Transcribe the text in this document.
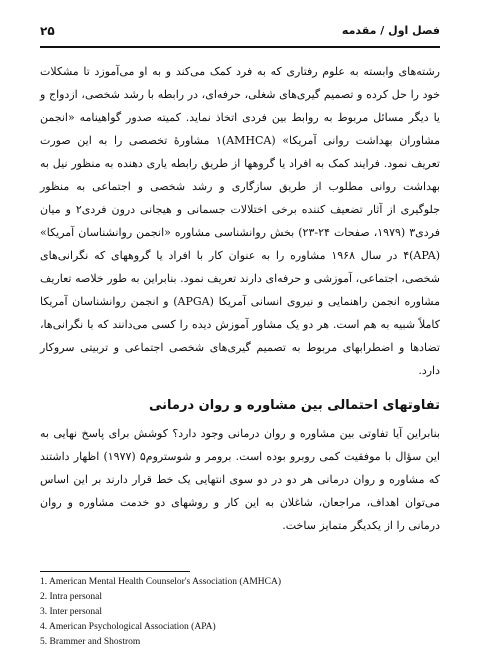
فصل اول / مقدمه
۲۵

رشته‌های وابسته به علوم رفتاری که به فرد کمک می‌کند و به او می‌آموزد تا مشکلات خود را حل کرده و تصمیم گیری‌های شغلی، حرفه‌ای، در رابطه با رشد شخصی، ازدواج و یا دیگر مسائل مربوط به روابط بین فردی اتخاذ نماید. کمیته صدور گواهینامه «انجمن مشاوران بهداشت روانی آمریکا» (AMHCA)۱ مشاورهٔ تخصصی را به این صورت تعریف نمود. فرایند کمک به افراد یا گروهها از طریق رابطه یاری دهنده به منظور نیل به بهداشت روانی مطلوب از طریق سازگاری و رشد شخصی و اجتماعی به منظور جلوگیری از آثار تضعیف کننده برخی اختلالات جسمانی و هیجانی درون فردی۲ و میان فردی۳ (۱۹۷۹، صفحات ۲۴-۲۳) بخش روانشناسی مشاوره «انجمن روانشناسان آمریکا» (APA)۴ در سال ۱۹۶۸ مشاوره را به عنوان کار با افراد یا گروههای که نگرانی‌های شخصی، اجتماعی، آموزشی و حرفه‌ای دارند تعریف نمود. بنابراین به طور خلاصه تعاریف مشاوره انجمن راهنمایی و نیروی انسانی آمریکا (APGA) و انجمن روانشناسان آمریکا کاملاً شبیه به هم است. هر دو یک مشاور آموزش دیده را کسی می‌دانند که با نگرانی‌ها، تضادها و اضطرابهای مربوط به تصمیم گیری‌های شخصی اجتماعی و تربیتی سروکار دارد.

تفاوتهای احتمالی بین مشاوره و روان درمانی

بنابراین آیا تفاوتی بین مشاوره و روان درمانی وجود دارد؟ کوشش برای پاسخ نهایی به این سؤال با موفقیت کمی روبرو بوده است. برومر و شوستروم۵ (۱۹۷۷) اظهار داشتند که مشاوره و روان درمانی هر دو در دو سوی انتهایی یک خط قرار دارند بر این اساس می‌توان اهداف، مراجعان، شاغلان به این کار و روشهای دو خدمت مشاوره و روان درمانی را از یکدیگر متمایز ساخت.

1. American Mental Health Counselor's Association (AMHCA)

2. Intra personal

3. Inter personal

4. American Psychological Association (APA)

5. Brammer and Shostrom
